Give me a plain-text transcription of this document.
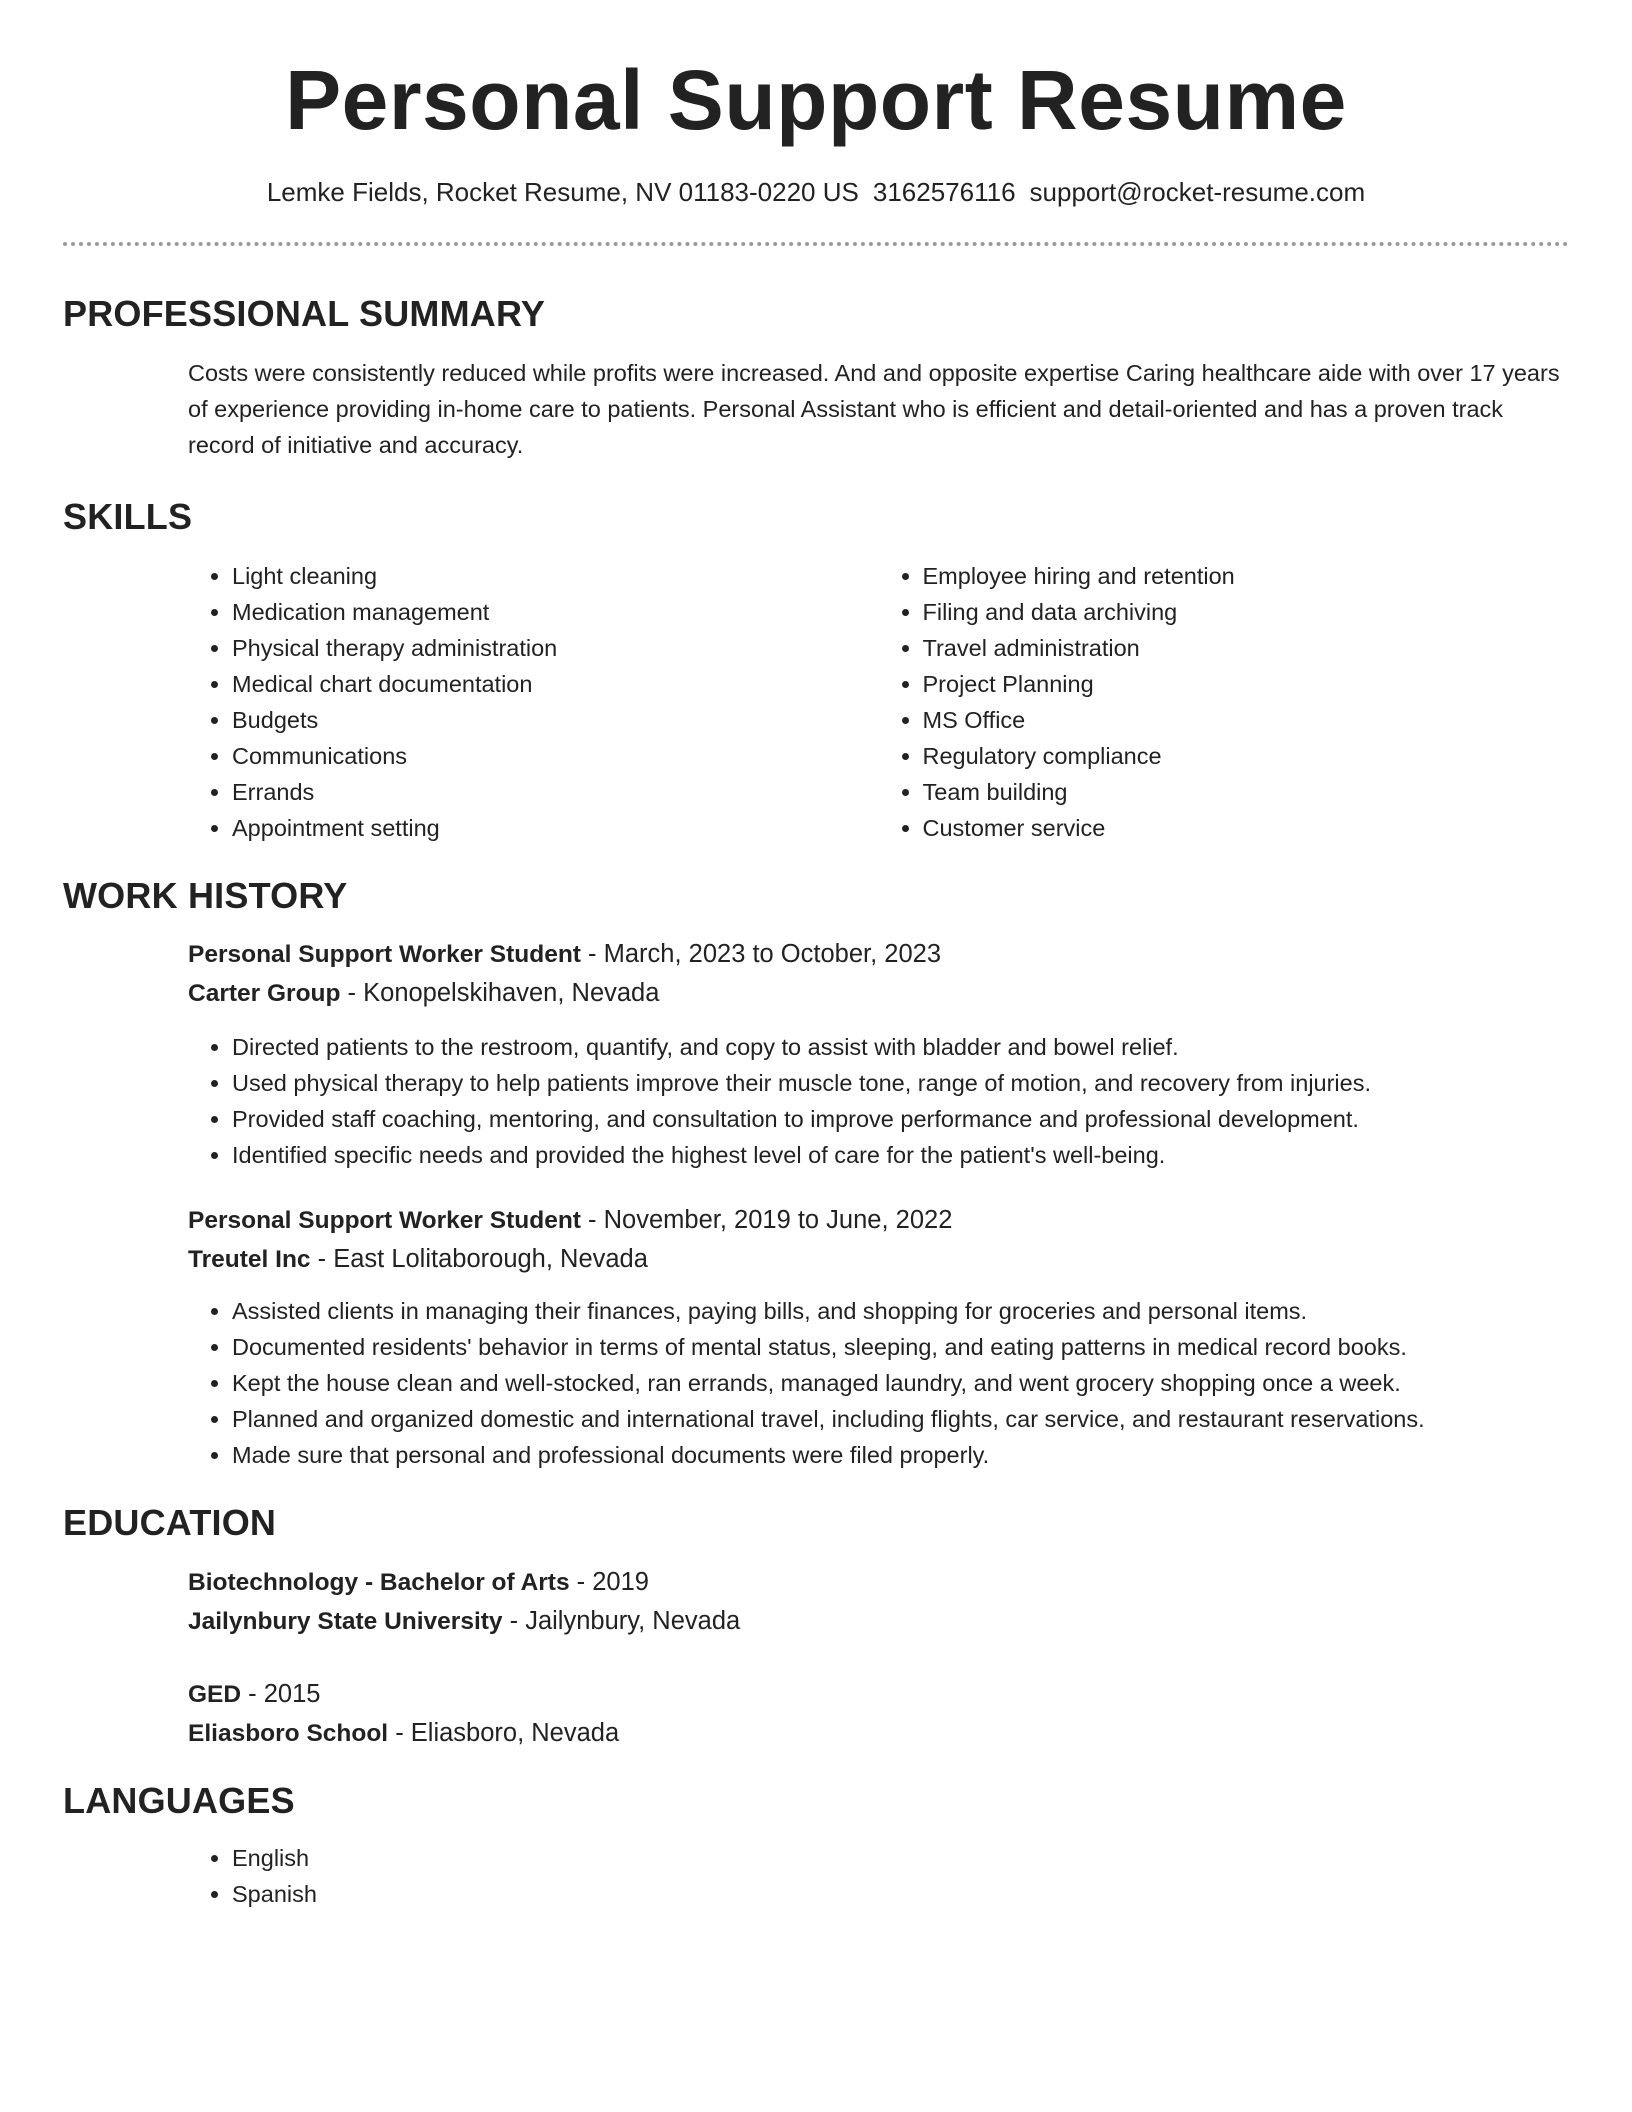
Personal Support Resume
Lemke Fields, Rocket Resume, NV 01183-0220 US 3162576116 support@rocket-resume.com
PROFESSIONAL SUMMARY

Costs were consistently reduced while profits were increased. And and opposite expertise Caring healthcare aide with over 17 years of experience providing in-home care to patients. Personal Assistant who is efficient and detail-oriented and has a proven track record of initiative and accuracy.

SKILLS
• Light cleaning
• Medication management
• Physical therapy administration
• Medical chart documentation
• Budgets
• Communications
• Errands
• Appointment setting
• Employee hiring and retention
• Filing and data archiving
• Travel administration
• Project Planning
• MS Office
• Regulatory compliance
• Team building
• Customer service
WORK HISTORY
Personal Support Worker Student - March, 2023 to October, 2023
Carter Group - Konopelskihaven, Nevada
• Directed patients to the restroom, quantify, and copy to assist with bladder and bowel relief.
• Used physical therapy to help patients improve their muscle tone, range of motion, and recovery from injuries.
• Provided staff coaching, mentoring, and consultation to improve performance and professional development.
• Identified specific needs and provided the highest level of care for the patient's well-being.
Personal Support Worker Student - November, 2019 to June, 2022
Treutel Inc - East Lolitaborough, Nevada
• Assisted clients in managing their finances, paying bills, and shopping for groceries and personal items.
• Documented residents' behavior in terms of mental status, sleeping, and eating patterns in medical record books.
• Kept the house clean and well-stocked, ran errands, managed laundry, and went grocery shopping once a week.
• Planned and organized domestic and international travel, including flights, car service, and restaurant reservations.
• Made sure that personal and professional documents were filed properly.
EDUCATION
Biotechnology - Bachelor of Arts - 2019
Jailynbury State University - Jailynbury, Nevada
GED - 2015
Eliasboro School - Eliasboro, Nevada
LANGUAGES
• English
• Spanish
